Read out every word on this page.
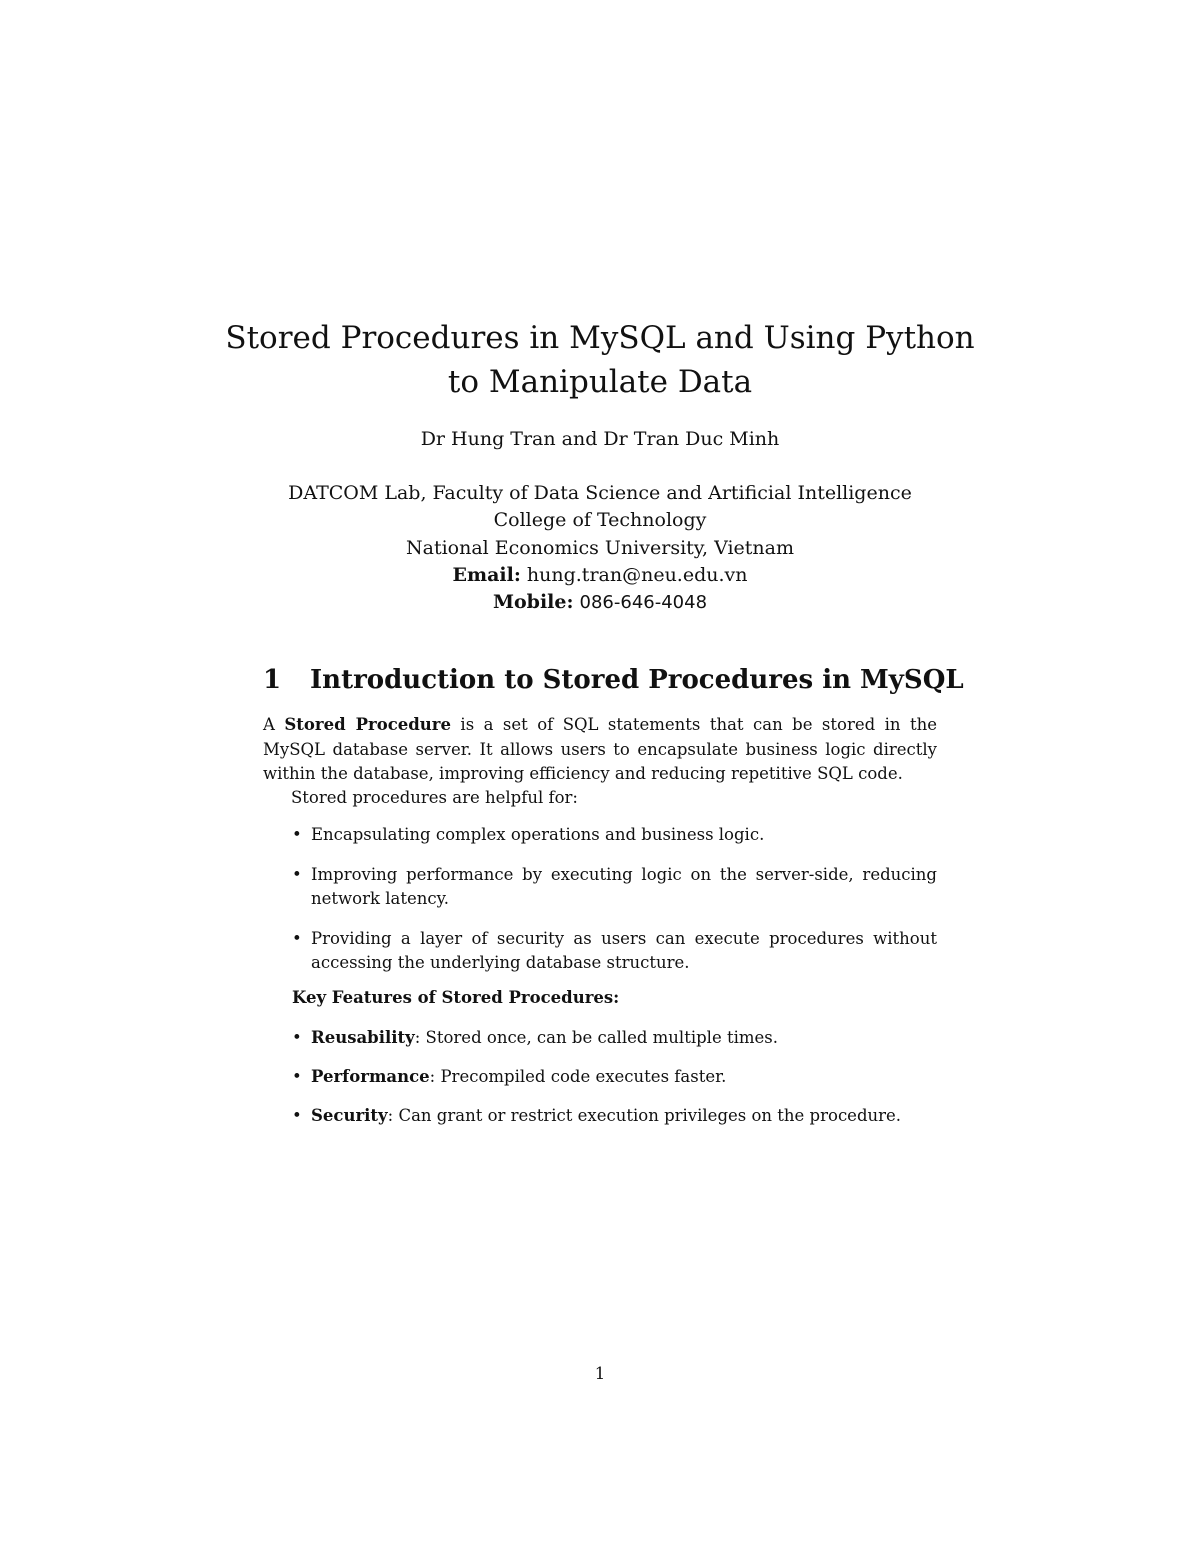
Stored Procedures in MySQL and Using Python
to Manipulate Data

Dr Hung Tran and Dr Tran Duc Minh

DATCOM Lab, Faculty of Data Science and Artificial Intelligence
College of Technology
National Economics University, Vietnam
Email: hung.tran@neu.edu.vn
Mobile: 086-646-4048
1 Introduction to Stored Procedures in MySQL

A Stored Procedure is a set of SQL statements that can be stored in the MySQL database server. It allows users to encapsulate business logic directly within the database, improving efficiency and reducing repetitive SQL code.

Stored procedures are helpful for:

• Encapsulating complex operations and business logic.
• Improving performance by executing logic on the server-side, reducing network latency.
• Providing a layer of security as users can execute procedures without accessing the underlying database structure.

Key Features of Stored Procedures:

• Reusability: Stored once, can be called multiple times.
• Performance: Precompiled code executes faster.
• Security: Can grant or restrict execution privileges on the procedure.
1
